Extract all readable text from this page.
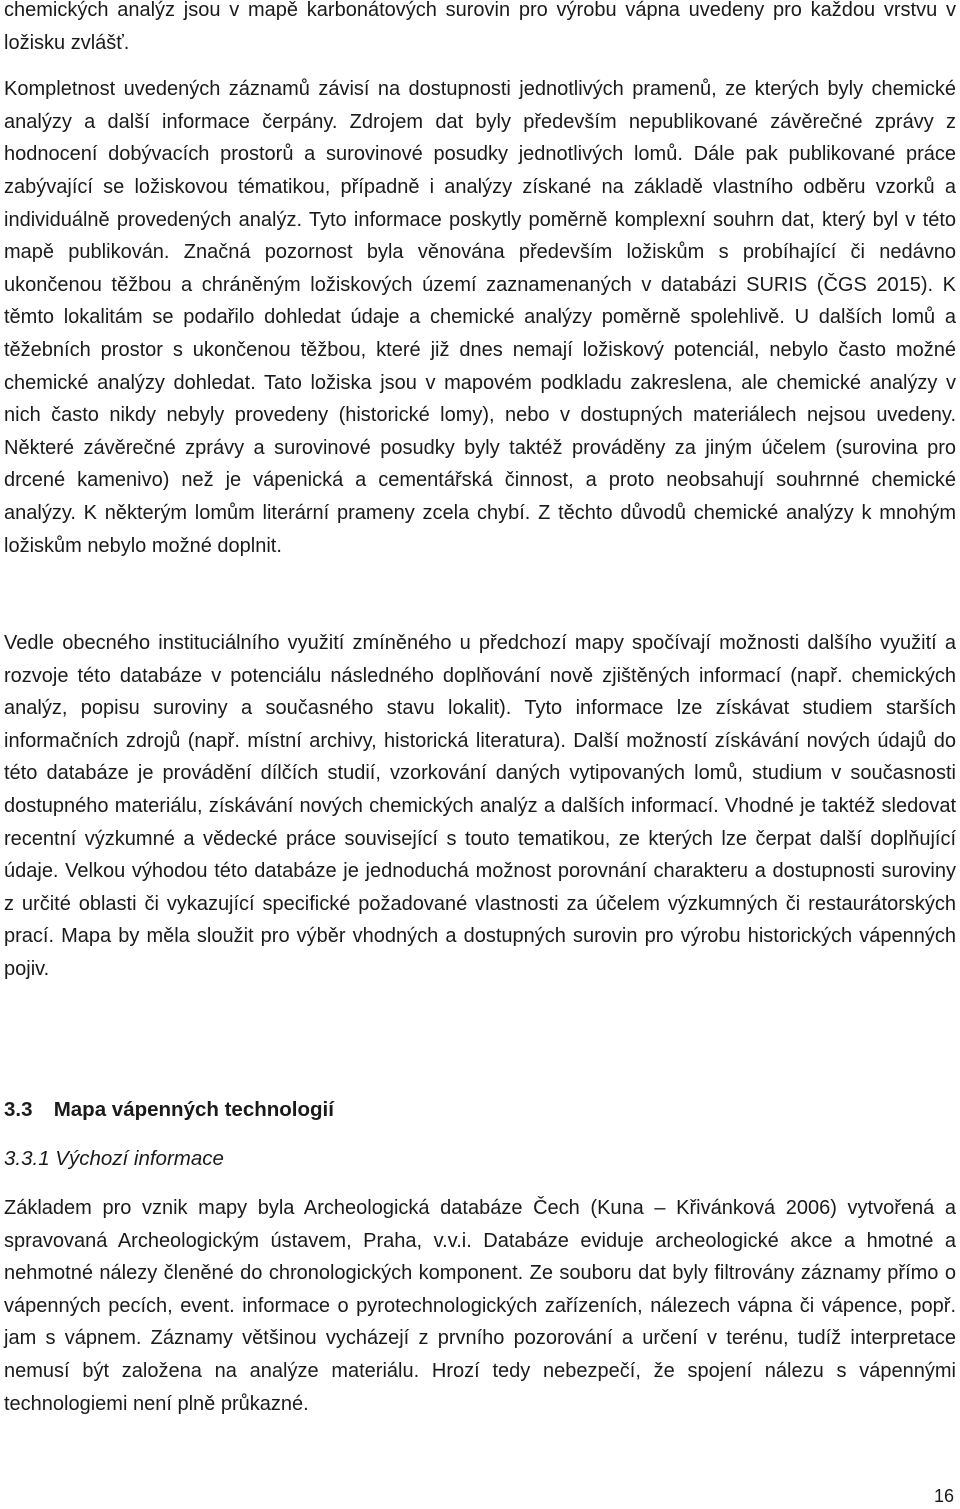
chemických analýz jsou v mapě karbonátových surovin pro výrobu vápna uvedeny pro každou vrstvu v ložisku zvlášť.

Kompletnost uvedených záznamů závisí na dostupnosti jednotlivých pramenů, ze kterých byly chemické analýzy a další informace čerpány. Zdrojem dat byly především nepublikované závěrečné zprávy z hodnocení dobývacích prostorů a surovinové posudky jednotlivých lomů. Dále pak publikované práce zabývající se ložiskovou tématikou, případně i analýzy získané na základě vlastního odběru vzorků a individuálně provedených analýz. Tyto informace poskytly poměrně komplexní souhrn dat, který byl v této mapě publikován. Značná pozornost byla věnována především ložiskům s probíhající či nedávno ukončenou těžbou a chráněným ložiskových území zaznamenaných v databázi SURIS (ČGS 2015). K těmto lokalitám se podařilo dohledat údaje a chemické analýzy poměrně spolehlivě. U dalších lomů a těžebních prostor s ukončenou těžbou, které již dnes nemají ložiskový potenciál, nebylo často možné chemické analýzy dohledat. Tato ložiska jsou v mapovém podkladu zakreslena, ale chemické analýzy v nich často nikdy nebyly provedeny (historické lomy), nebo v dostupných materiálech nejsou uvedeny. Některé závěrečné zprávy a surovinové posudky byly taktéž prováděny za jiným účelem (surovina pro drcené kamenivo) než je vápenická a cementářská činnost, a proto neobsahují souhrnné chemické analýzy. K některým lomům literární prameny zcela chybí. Z těchto důvodů chemické analýzy k mnohým ložiskům nebylo možné doplnit.

Vedle obecného instituciálního využití zmíněného u předchozí mapy spočívají možnosti dalšího využití a rozvoje této databáze v potenciálu následného doplňování nově zjištěných informací (např. chemických analýz, popisu suroviny a současného stavu lokalit). Tyto informace lze získávat studiem starších informačních zdrojů (např. místní archivy, historická literatura). Další možností získávání nových údajů do této databáze je provádění dílčích studií, vzorkování daných vytipovaných lomů, studium v současnosti dostupného materiálu, získávání nových chemických analýz a dalších informací. Vhodné je taktéž sledovat recentní výzkumné a vědecké práce související s touto tematikou, ze kterých lze čerpat další doplňující údaje. Velkou výhodou této databáze je jednoduchá možnost porovnání charakteru a dostupnosti suroviny z určité oblasti či vykazující specifické požadované vlastnosti za účelem výzkumných či restaurátorských prací. Mapa by měla sloužit pro výběr vhodných a dostupných surovin pro výrobu historických vápenných pojiv.

3.3 Mapa vápenných technologií
3.3.1 Výchozí informace

Základem pro vznik mapy byla Archeologická databáze Čech (Kuna – Křivánková 2006) vytvořená a spravovaná Archeologickým ústavem, Praha, v.v.i. Databáze eviduje archeologické akce a hmotné a nehmotné nálezy členěné do chronologických komponent. Ze souboru dat byly filtrovány záznamy přímo o vápenných pecích, event. informace o pyrotechnologických zařízeních, nálezech vápna či vápence, popř. jam s vápnem. Záznamy většinou vycházejí z prvního pozorování a určení v terénu, tudíž interpretace nemusí být založena na analýze materiálu. Hrozí tedy nebezpečí, že spojení nálezu s vápennými technologiemi není plně průkazné.

16
